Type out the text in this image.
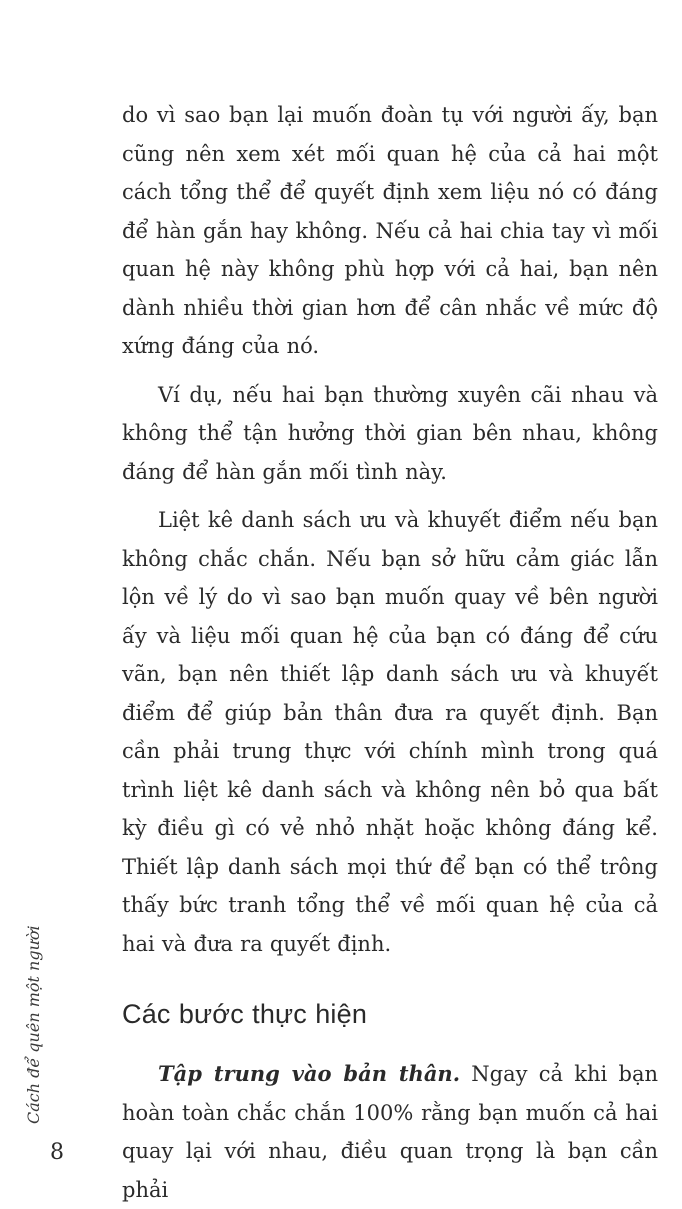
do vì sao bạn lại muốn đoàn tụ với người ấy, bạn cũng nên xem xét mối quan hệ của cả hai một cách tổng thể để quyết định xem liệu nó có đáng để hàn gắn hay không. Nếu cả hai chia tay vì mối quan hệ này không phù hợp với cả hai, bạn nên dành nhiều thời gian hơn để cân nhắc về mức độ xứng đáng của nó.

Ví dụ, nếu hai bạn thường xuyên cãi nhau và không thể tận hưởng thời gian bên nhau, không đáng để hàn gắn mối tình này.

Liệt kê danh sách ưu và khuyết điểm nếu bạn không chắc chắn. Nếu bạn sở hữu cảm giác lẫn lộn về lý do vì sao bạn muốn quay về bên người ấy và liệu mối quan hệ của bạn có đáng để cứu vãn, bạn nên thiết lập danh sách ưu và khuyết điểm để giúp bản thân đưa ra quyết định. Bạn cần phải trung thực với chính mình trong quá trình liệt kê danh sách và không nên bỏ qua bất kỳ điều gì có vẻ nhỏ nhặt hoặc không đáng kể. Thiết lập danh sách mọi thứ để bạn có thể trông thấy bức tranh tổng thể về mối quan hệ của cả hai và đưa ra quyết định.

Các bước thực hiện

Tập trung vào bản thân. Ngay cả khi bạn hoàn toàn chắc chắn 100% rằng bạn muốn cả hai quay lại với nhau, điều quan trọng là bạn cần phải

Cách để quên một người
8
